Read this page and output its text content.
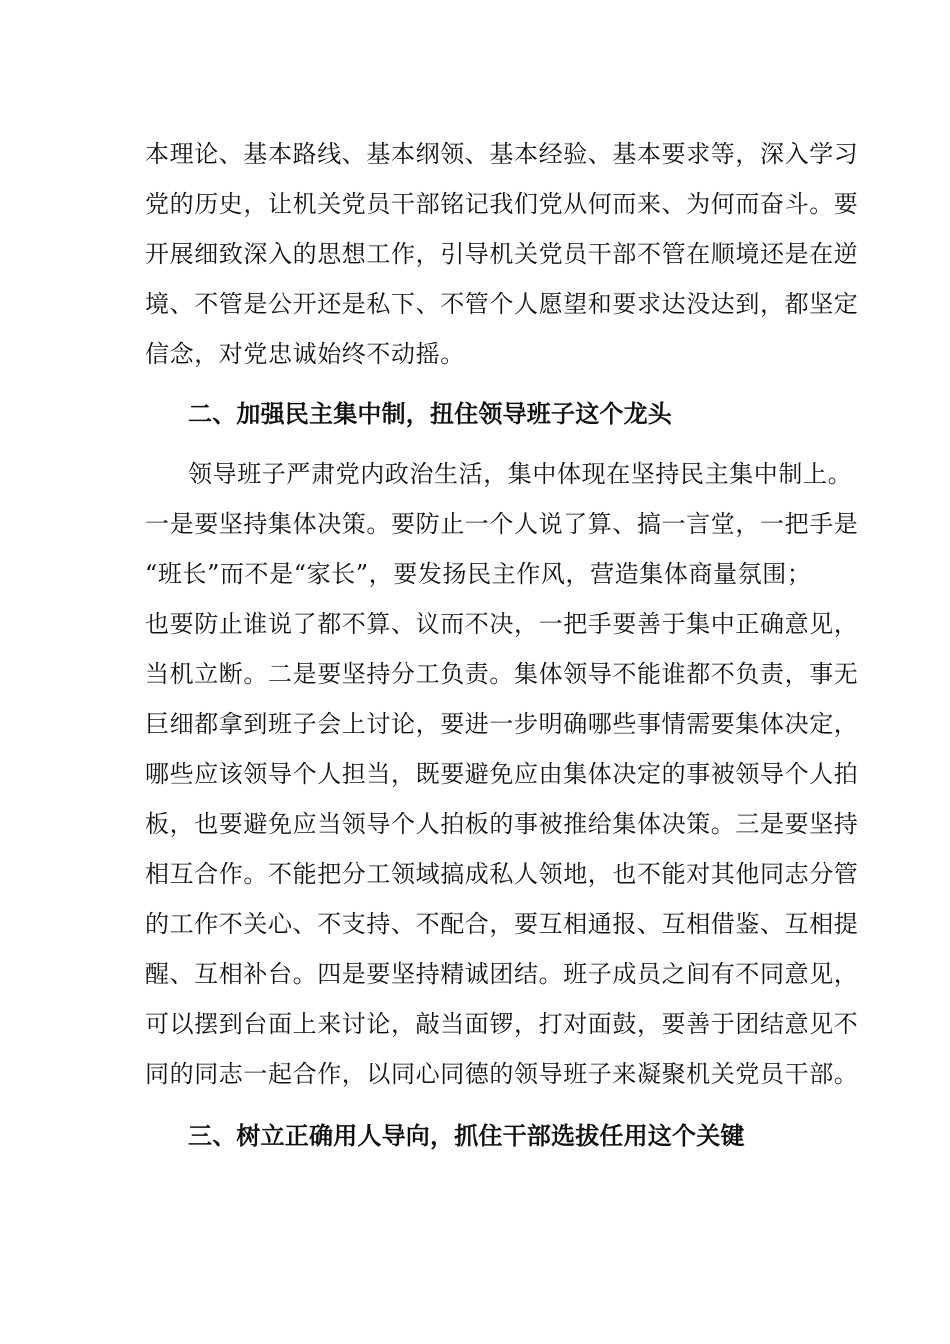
本理论、基本路线、基本纲领、基本经验、基本要求等，深入学习
党的历史，让机关党员干部铭记我们党从何而来、为何而奋斗。要
开展细致深入的思想工作，引导机关党员干部不管在顺境还是在逆
境、不管是公开还是私下、不管个人愿望和要求达没达到，都坚定
信念，对党忠诚始终不动摇。
二、加强民主集中制，扭住领导班子这个龙头
领导班子严肃党内政治生活，集中体现在坚持民主集中制上。
一是要坚持集体决策。要防止一个人说了算、搞一言堂，一把手是
“班长”而不是“家长”，要发扬民主作风，营造集体商量氛围；
也要防止谁说了都不算、议而不决，一把手要善于集中正确意见，
当机立断。二是要坚持分工负责。集体领导不能谁都不负责，事无
巨细都拿到班子会上讨论，要进一步明确哪些事情需要集体决定，
哪些应该领导个人担当，既要避免应由集体决定的事被领导个人拍
板，也要避免应当领导个人拍板的事被推给集体决策。三是要坚持
相互合作。不能把分工领域搞成私人领地，也不能对其他同志分管
的工作不关心、不支持、不配合，要互相通报、互相借鉴、互相提
醒、互相补台。四是要坚持精诚团结。班子成员之间有不同意见，
可以摆到台面上来讨论，敲当面锣，打对面鼓，要善于团结意见不
同的同志一起合作，以同心同德的领导班子来凝聚机关党员干部。
三、树立正确用人导向，抓住干部选拔任用这个关键
